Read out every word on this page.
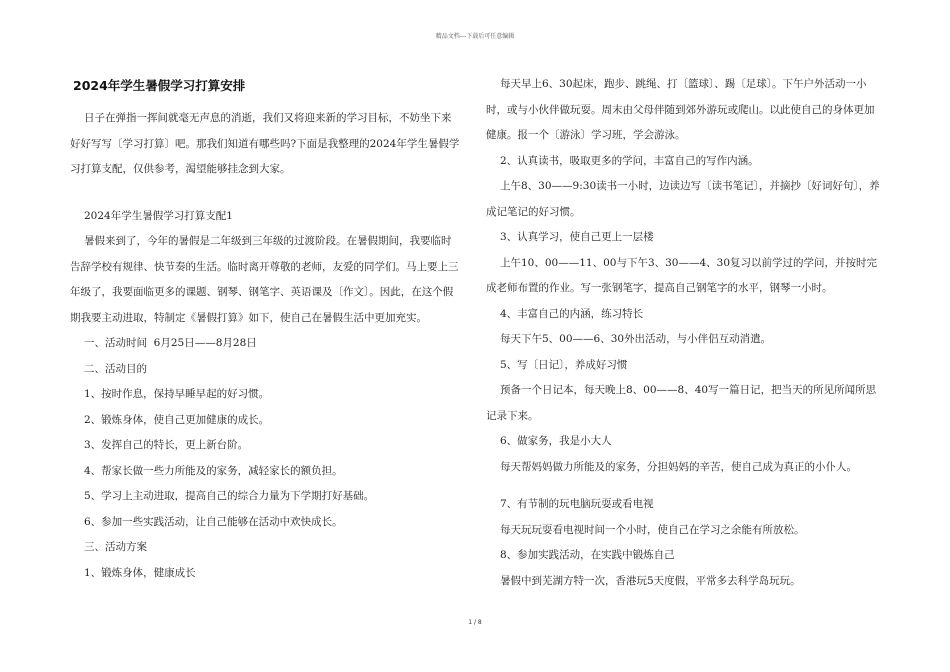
精品文档---下载后可任意编辑
2024年学生暑假学习打算安排

日子在弹指一挥间就毫无声息的消逝，我们又将迎来新的学习目标，不妨坐下来好好写写〔学习打算〕吧。那我们知道有哪些吗?下面是我整理的2024年学生暑假学习打算支配，仅供参考，渴望能够挂念到大家。

2024年学生暑假学习打算支配1

暑假来到了，今年的暑假是二年级到三年级的过渡阶段。在暑假期间，我要临时告辞学校有规律、快节奏的生活。临时离开尊敬的老师，友爱的同学们。马上要上三年级了，我要面临更多的课题、钢琴、钢笔字、英语课及〔作文〕。因此，在这个假期我要主动进取，特制定《暑假打算》如下，使自己在暑假生活中更加充实。

一、活动时间  6月25日——8月28日

二、活动目的

1、按时作息，保持早睡早起的好习惯。

2、锻炼身体，使自己更加健康的成长。

3、发挥自己的特长，更上新台阶。

4、帮家长做一些力所能及的家务，减轻家长的额负担。

5、学习上主动进取，提高自己的综合力量为下学期打好基础。

6、参加一些实践活动，让自己能够在活动中欢快成长。

三、活动方案

1、锻炼身体，健康成长

每天早上6、30起床，跑步、跳绳、打〔篮球〕、踢〔足球〕。下午户外活动一小时，或与小伙伴做玩耍。周末由父母伴随到郊外游玩或爬山。以此使自己的身体更加健康。报一个〔游泳〕学习班，学会游泳。

2、认真读书，吸取更多的学问，丰富自己的写作内涵。

上午8、30——9:30读书一小时，边读边写〔读书笔记〕，并摘抄〔好词好句〕，养成记笔记的好习惯。

3、认真学习，使自己更上一层楼

上午10、00——11、00与下午3、30——4、30复习以前学过的学问，并按时完成老师布置的作业。写一张钢笔字，提高自己钢笔字的水平，钢琴一小时。

4、丰富自己的内涵，练习特长

每天下午5、00——6、30外出活动，与小伴侣互动消遣。

5、写〔日记〕，养成好习惯

预备一个日记本，每天晚上8、00——8、40写一篇日记，把当天的所见所闻所思记录下来。

6、做家务，我是小大人

每天帮妈妈做力所能及的家务，分担妈妈的辛苦，使自己成为真正的小仆人。

7、有节制的玩电脑玩耍或看电视

每天玩玩耍看电视时间一个小时，使自己在学习之余能有所放松。

8、参加实践活动，在实践中锻炼自己

暑假中到芜湖方特一次，香港玩5天度假，平常多去科学岛玩玩。

1 / 8
